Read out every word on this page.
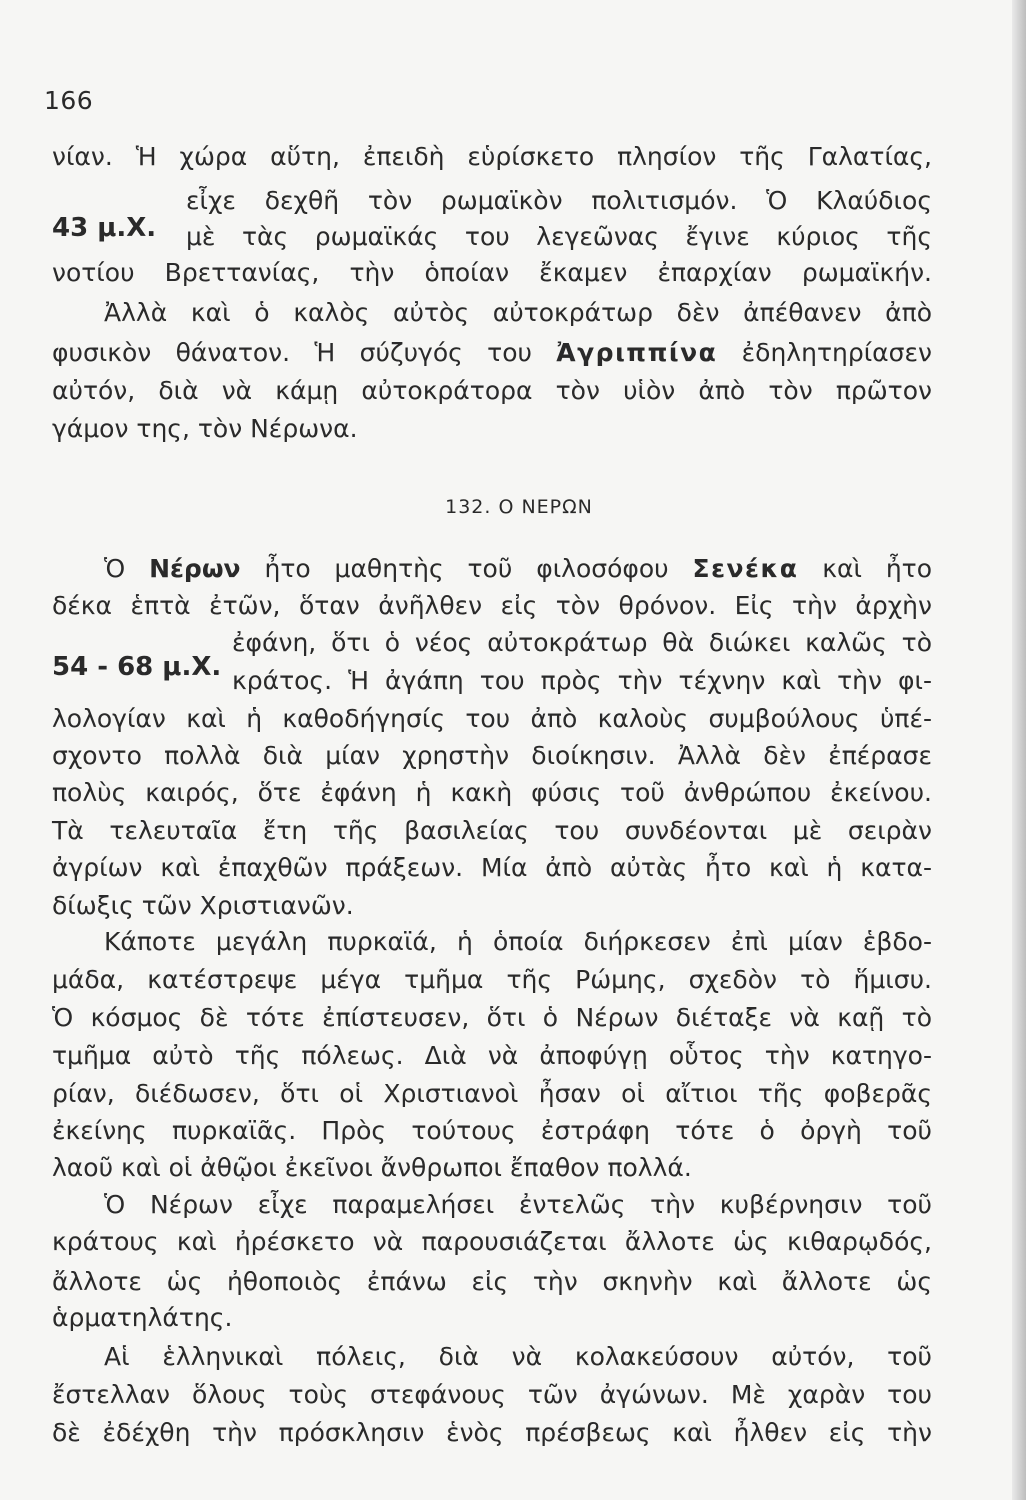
166
νίαν. Ἡ χώρα αὕτη, ἐπειδὴ εὑρίσκετο πλησίον τῆς Γαλατίας,
43 μ.Χ.
εἶχε δεχθῆ τὸν ρωμαϊκὸν πολιτισμόν. Ὁ Κλαύδιος
μὲ τὰς ρωμαϊκάς του λεγεῶνας ἔγινε κύριος τῆς
νοτίου Βρεττανίας, τὴν ὁποίαν ἔκαμεν ἐπαρχίαν ρωμαϊκήν.
Ἀλλὰ καὶ ὁ καλὸς αὐτὸς αὐτοκράτωρ δὲν ἀπέθανεν ἀπὸ
φυσικὸν θάνατον. Ἡ σύζυγός του Ἀγριππίνα ἐδηλητηρίασεν
αὐτόν, διὰ νὰ κάμῃ αὐτοκράτορα τὸν υἱὸν ἀπὸ τὸν πρῶτον
γάμον της, τὸν Νέρωνα.
132. Ο ΝΕΡΩΝ
Ὁ Νέρων ἦτο μαθητὴς τοῦ φιλοσόφου Σενέκα καὶ ἦτο
δέκα ἑπτὰ ἐτῶν, ὅταν ἀνῆλθεν εἰς τὸν θρόνον. Εἰς τὴν ἀρχὴν
54 - 68 μ.Χ.
ἐφάνη, ὅτι ὁ νέος αὐτοκράτωρ θὰ διώκει καλῶς τὸ
κράτος. Ἡ ἀγάπη του πρὸς τὴν τέχνην καὶ τὴν φι-
λολογίαν καὶ ἡ καθοδήγησίς του ἀπὸ καλοὺς συμβούλους ὑπέ-
σχοντο πολλὰ διὰ μίαν χρηστὴν διοίκησιν. Ἀλλὰ δὲν ἐπέρασε
πολὺς καιρός, ὅτε ἐφάνη ἡ κακὴ φύσις τοῦ ἀνθρώπου ἐκείνου.
Τὰ τελευταῖα ἔτη τῆς βασιλείας του συνδέονται μὲ σειρὰν
ἀγρίων καὶ ἐπαχθῶν πράξεων. Μία ἀπὸ αὐτὰς ἦτο καὶ ἡ κατα-
δίωξις τῶν Χριστιανῶν.
Κάποτε μεγάλη πυρκαϊά, ἡ ὁποία διήρκεσεν ἐπὶ μίαν ἑβδο-
μάδα, κατέστρεψε μέγα τμῆμα τῆς Ρώμης, σχεδὸν τὸ ἥμισυ.
Ὁ κόσμος δὲ τότε ἐπίστευσεν, ὅτι ὁ Νέρων διέταξε νὰ καῇ τὸ
τμῆμα αὐτὸ τῆς πόλεως. Διὰ νὰ ἀποφύγῃ οὗτος τὴν κατηγο-
ρίαν, διέδωσεν, ὅτι οἱ Χριστιανοὶ ἦσαν οἱ αἴτιοι τῆς φοβερᾶς
ἐκείνης πυρκαϊᾶς. Πρὸς τούτους ἐστράφη τότε ὁ ὀργὴ τοῦ
λαοῦ καὶ οἱ ἀθῷοι ἐκεῖνοι ἄνθρωποι ἔπαθον πολλά.
Ὁ Νέρων εἶχε παραμελήσει ἐντελῶς τὴν κυβέρνησιν τοῦ
κράτους καὶ ἠρέσκετο νὰ παρουσιάζεται ἄλλοτε ὡς κιθαρῳδός,
ἄλλοτε ὡς ἠθοποιὸς ἐπάνω εἰς τὴν σκηνὴν καὶ ἄλλοτε ὡς
ἁρματηλάτης.
Αἱ ἑλληνικαὶ πόλεις, διὰ νὰ κολακεύσουν αὐτόν, τοῦ
ἔστελλαν ὅλους τοὺς στεφάνους τῶν ἀγώνων. Μὲ χαρὰν του
δὲ ἐδέχθη τὴν πρόσκλησιν ἑνὸς πρέσβεως καὶ ἦλθεν εἰς τὴν
